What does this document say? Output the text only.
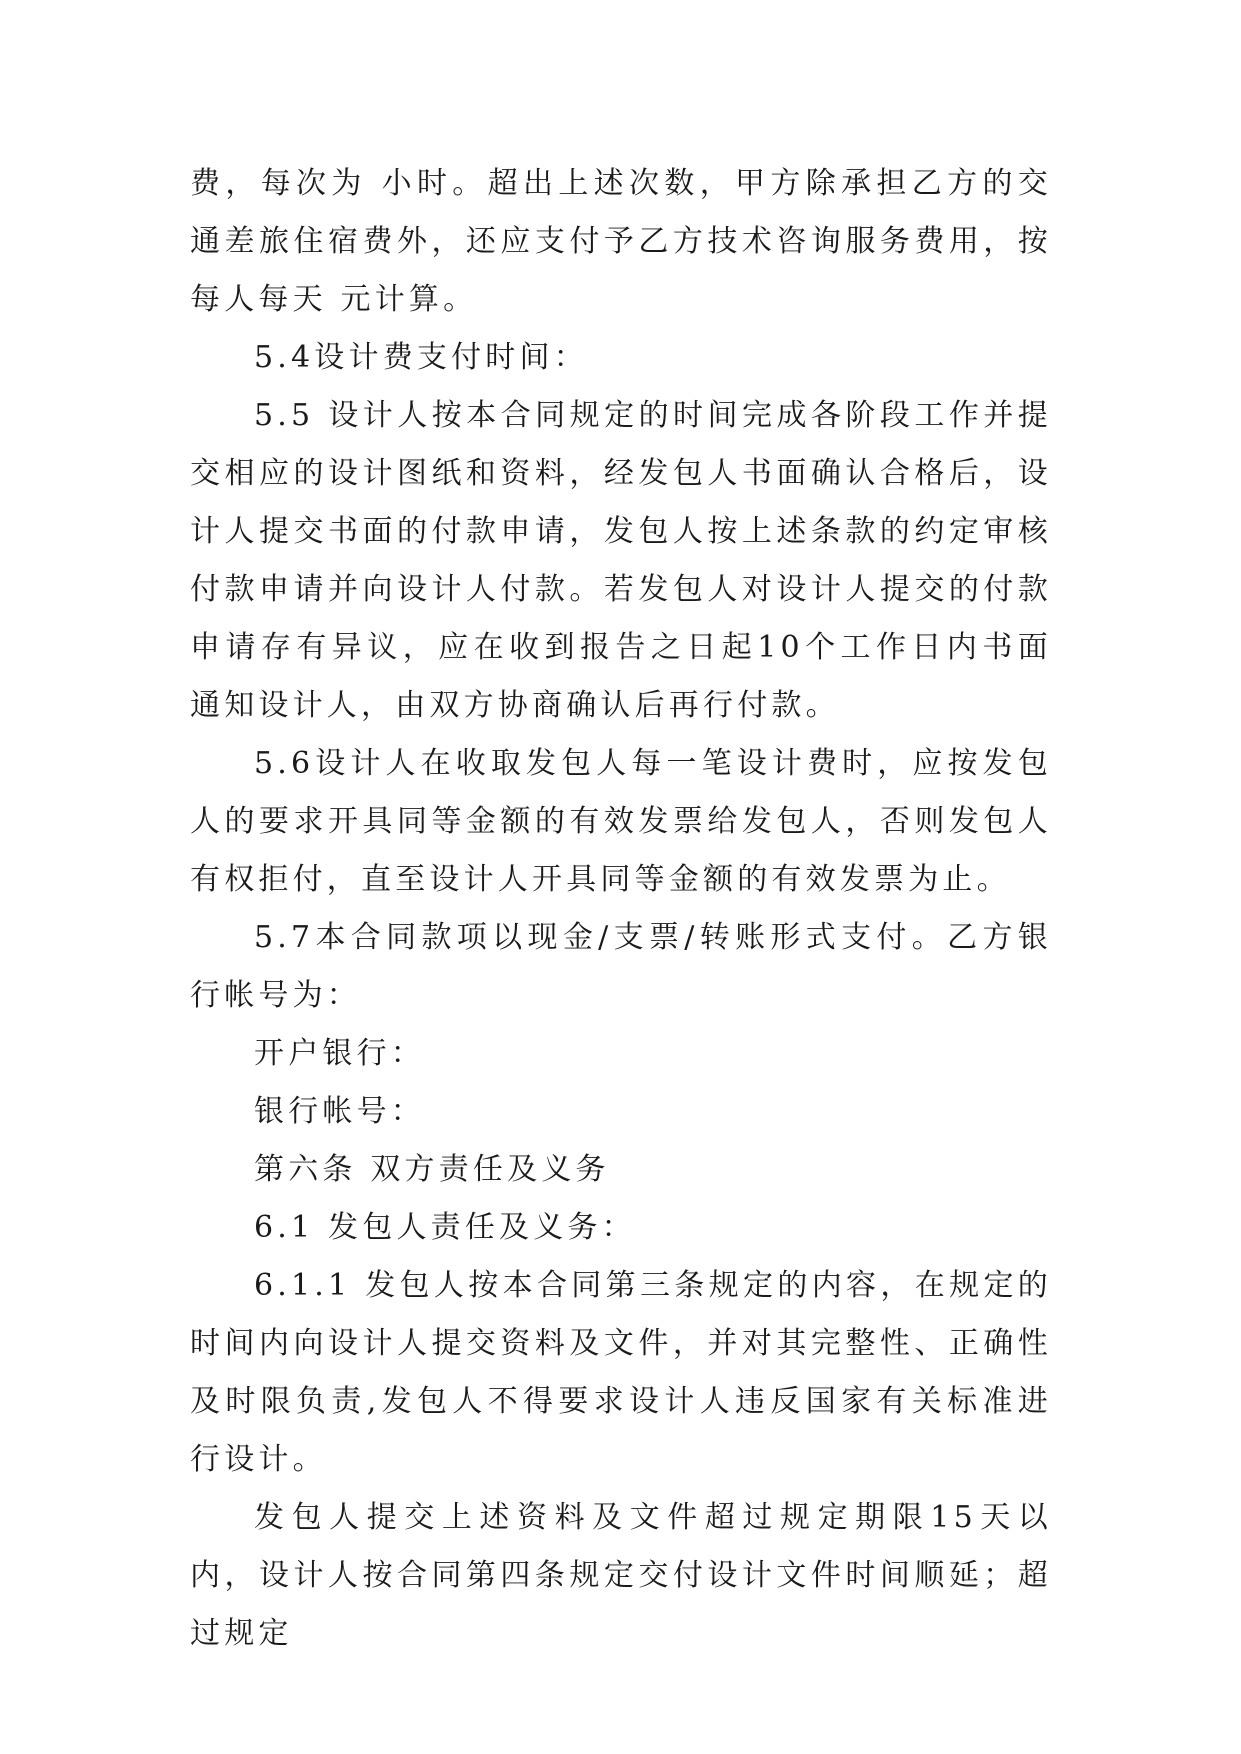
费，每次为 小时。超出上述次数，甲方除承担乙方的交通差旅住宿费外，还应支付予乙方技术咨询服务费用，按每人每天 元计算。

5.4设计费支付时间：

5.5 设计人按本合同规定的时间完成各阶段工作并提交相应的设计图纸和资料，经发包人书面确认合格后，设计人提交书面的付款申请，发包人按上述条款的约定审核付款申请并向设计人付款。若发包人对设计人提交的付款申请存有异议，应在收到报告之日起10个工作日内书面通知设计人，由双方协商确认后再行付款。

5.6设计人在收取发包人每一笔设计费时，应按发包人的要求开具同等金额的有效发票给发包人，否则发包人有权拒付，直至设计人开具同等金额的有效发票为止。

5.7本合同款项以现金/支票/转账形式支付。乙方银行帐号为：

开户银行：

银行帐号：

第六条 双方责任及义务

6.1 发包人责任及义务：

6.1.1 发包人按本合同第三条规定的内容，在规定的时间内向设计人提交资料及文件，并对其完整性、正确性及时限负责,发包人不得要求设计人违反国家有关标准进行设计。

发包人提交上述资料及文件超过规定期限15天以内，设计人按合同第四条规定交付设计文件时间顺延；超过规定
